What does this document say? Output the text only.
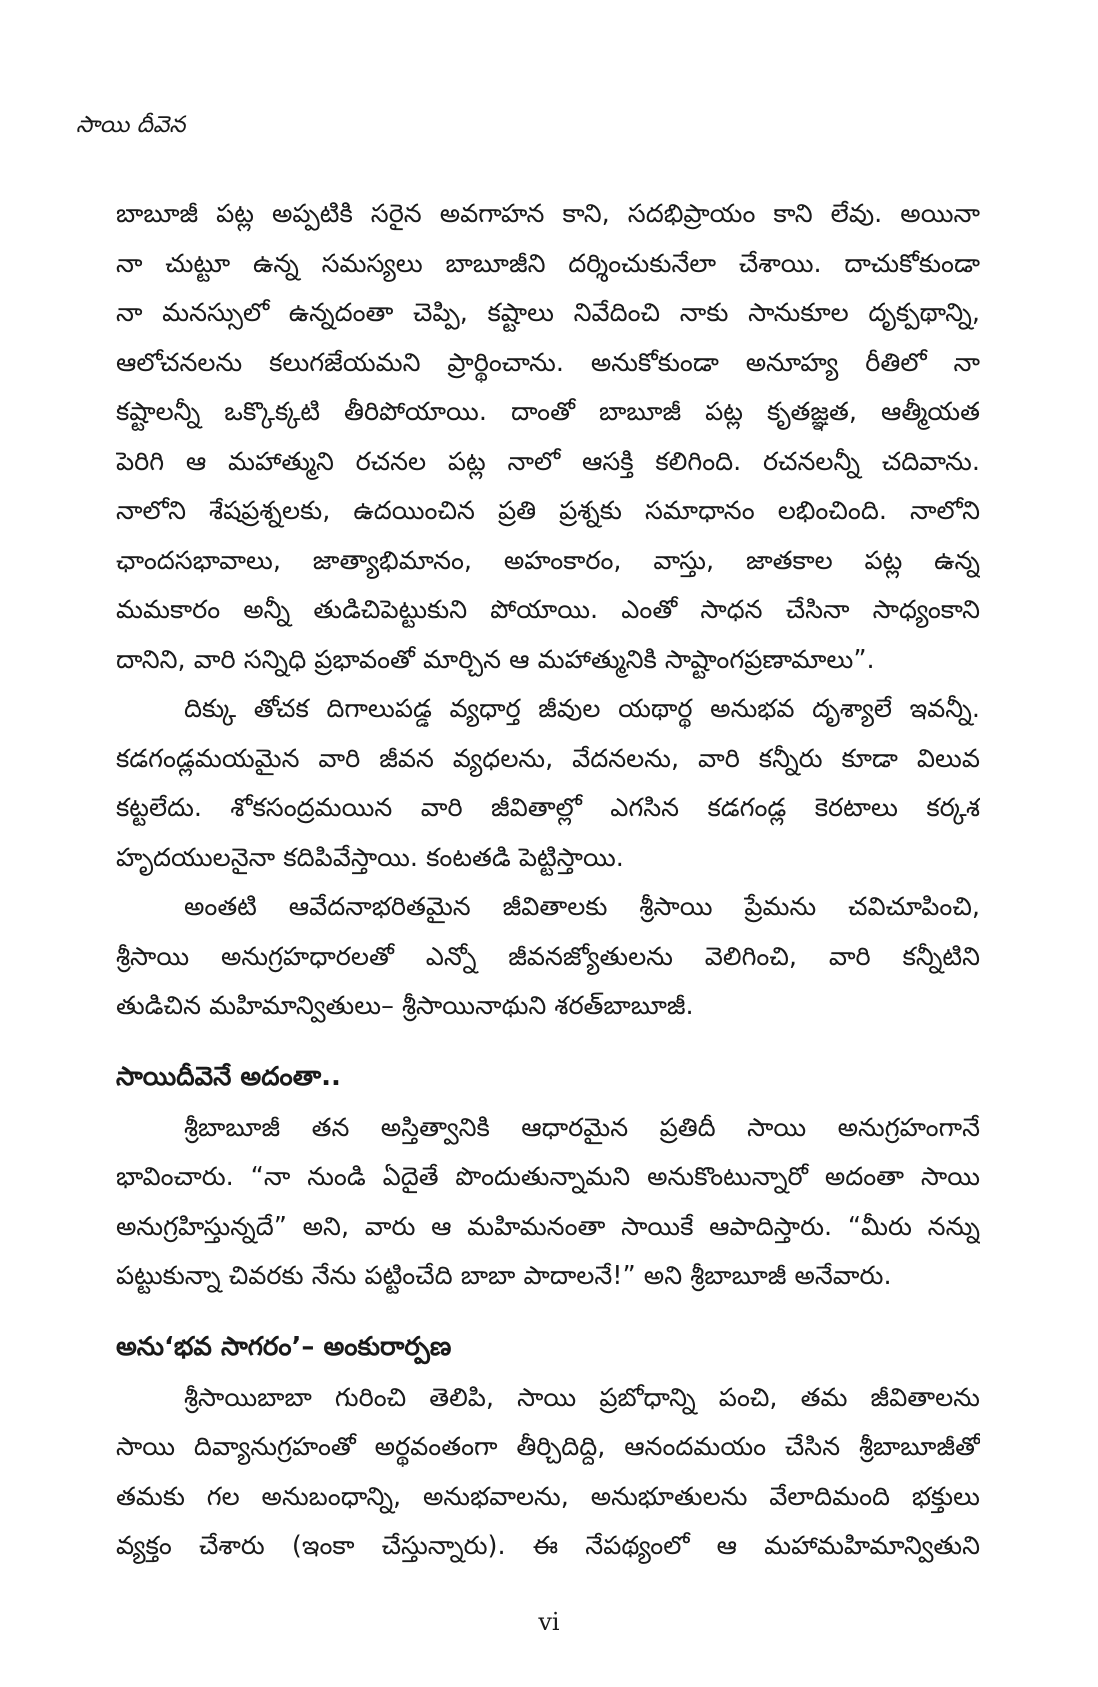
సాయి దీవెన
బాబూజీ పట్ల అప్పటికి సరైన అవగాహన కాని, సదభిప్రాయం కాని లేవు. అయినా
నా చుట్టూ ఉన్న సమస్యలు బాబూజీని దర్శించుకునేలా చేశాయి. దాచుకోకుండా
నా మనస్సులో ఉన్నదంతా చెప్పి, కష్టాలు నివేదించి నాకు సానుకూల దృక్పథాన్ని,
ఆలోచనలను కలుగజేయమని ప్రార్థించాను. అనుకోకుండా అనూహ్య రీతిలో నా
కష్టాలన్నీ ఒక్కొక్కటి తీరిపోయాయి. దాంతో బాబూజీ పట్ల కృతజ్ఞత, ఆత్మీయత
పెరిగి ఆ మహాత్ముని రచనల పట్ల నాలో ఆసక్తి కలిగింది. రచనలన్నీ చదివాను.
నాలోని శేషప్రశ్నలకు, ఉదయించిన ప్రతి ప్రశ్నకు సమాధానం లభించింది. నాలోని
ఛాందసభావాలు, జాత్యాభిమానం, అహంకారం, వాస్తు, జాతకాల పట్ల ఉన్న
మమకారం అన్నీ తుడిచిపెట్టుకుని పోయాయి. ఎంతో సాధన చేసినా సాధ్యంకాని
దానిని, వారి సన్నిధి ప్రభావంతో మార్చిన ఆ మహాత్మునికి సాష్టాంగప్రణామాలు”.
దిక్కు తోచక దిగాలుపడ్డ వ్యధార్త జీవుల యథార్థ అనుభవ దృశ్యాలే ఇవన్నీ.
కడగండ్లమయమైన వారి జీవన వ్యధలను, వేదనలను, వారి కన్నీరు కూడా విలువ
కట్టలేదు. శోకసంద్రమయిన వారి జీవితాల్లో ఎగసిన కడగండ్ల కెరటాలు కర్కశ
హృదయులనైనా కదిపివేస్తాయి. కంటతడి పెట్టిస్తాయి.
అంతటి ఆవేదనాభరితమైన జీవితాలకు శ్రీసాయి ప్రేమను చవిచూపించి,
శ్రీసాయి అనుగ్రహధారలతో ఎన్నో జీవనజ్యోతులను వెలిగించి, వారి కన్నీటిని
తుడిచిన మహిమాన్వితులు– శ్రీసాయినాథుని శరత్‌బాబూజీ.
సాయిదీవెనే అదంతా..
శ్రీబాబూజీ తన అస్తిత్వానికి ఆధారమైన ప్రతిదీ సాయి అనుగ్రహంగానే
భావించారు. “నా నుండి ఏదైతే పొందుతున్నామని అనుకొంటున్నారో అదంతా సాయి
అనుగ్రహిస్తున్నదే” అని, వారు ఆ మహిమనంతా సాయికే ఆపాదిస్తారు. “మీరు నన్ను
పట్టుకున్నా చివరకు నేను పట్టించేది బాబా పాదాలనే!” అని శ్రీబాబూజీ అనేవారు.
అను‘భవ సాగరం’– అంకురార్పణ
శ్రీసాయిబాబా గురించి తెలిపి, సాయి ప్రబోధాన్ని పంచి, తమ జీవితాలను
సాయి దివ్యానుగ్రహంతో అర్థవంతంగా తీర్చిదిద్ది, ఆనందమయం చేసిన శ్రీబాబూజీతో
తమకు గల అనుబంధాన్ని, అనుభవాలను, అనుభూతులను వేలాదిమంది భక్తులు
వ్యక్తం చేశారు (ఇంకా చేస్తున్నారు). ఈ నేపథ్యంలో ఆ మహామహిమాన్వితుని
vi
